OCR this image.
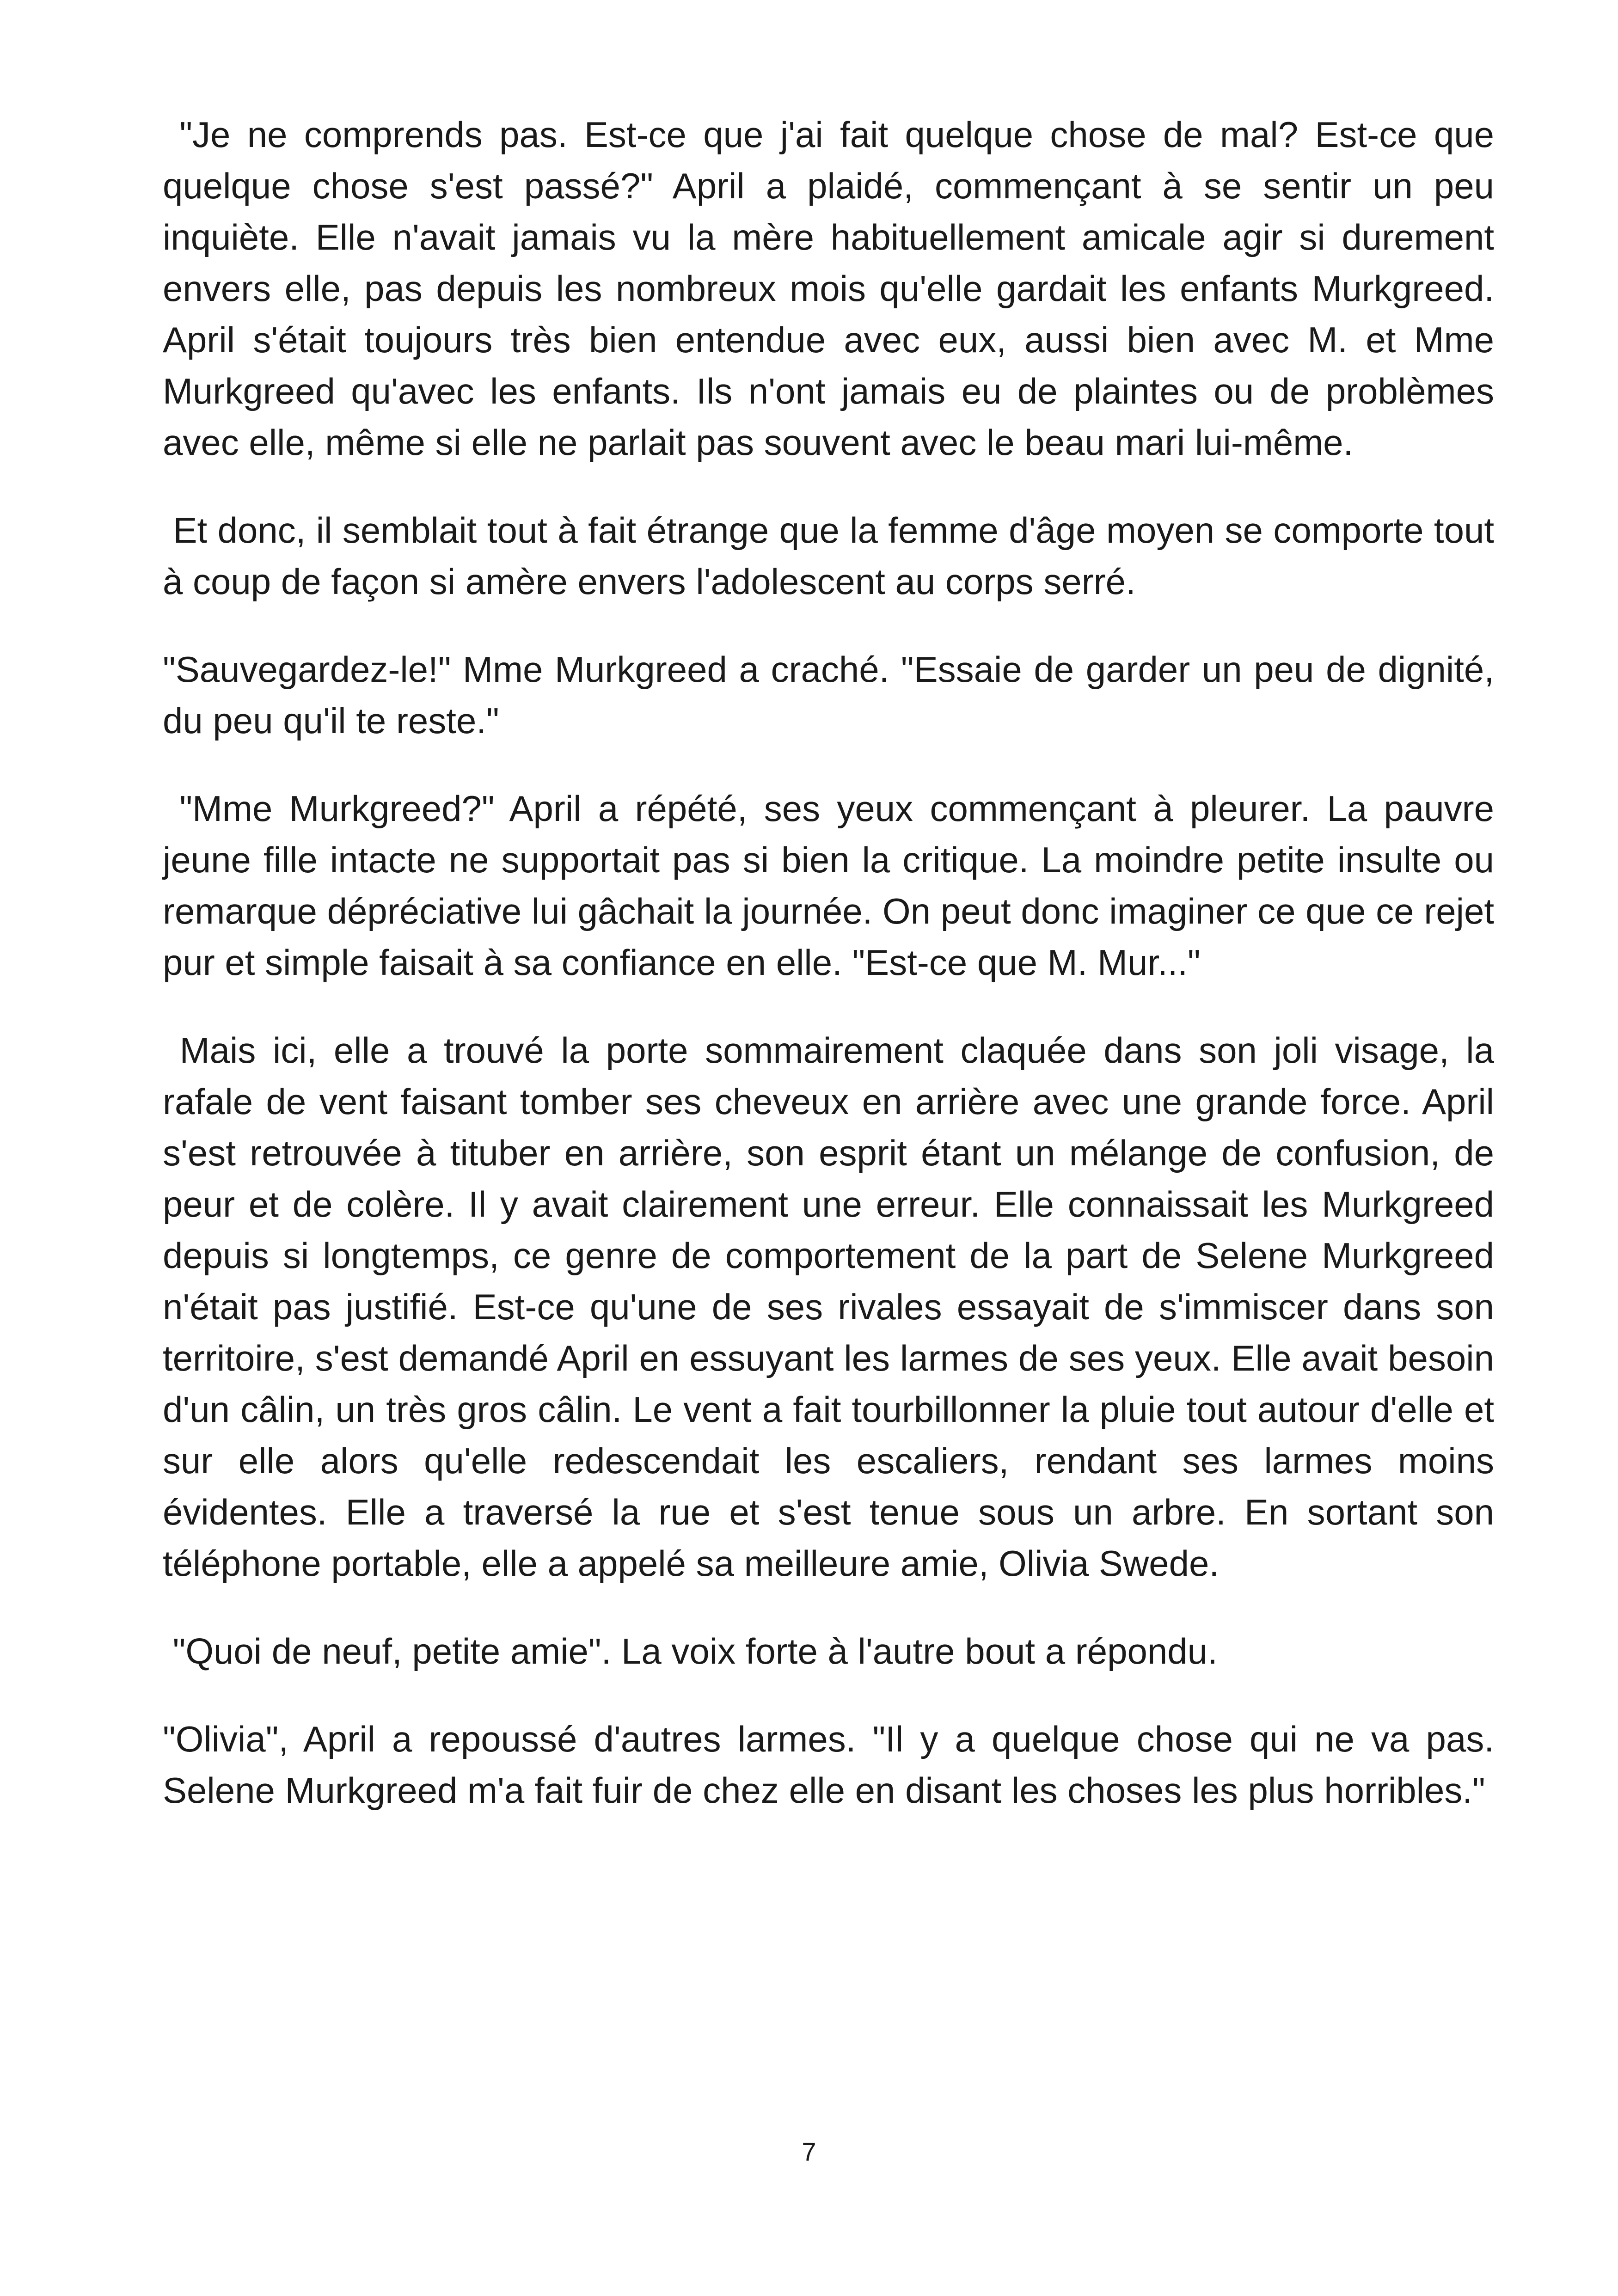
"Je ne comprends pas. Est-ce que j'ai fait quelque chose de mal? Est-ce que quelque chose s'est passé?" April a plaidé, commençant à se sentir un peu inquiète. Elle n'avait jamais vu la mère habituellement amicale agir si durement envers elle, pas depuis les nombreux mois qu'elle gardait les enfants Murkgreed. April s'était toujours très bien entendue avec eux, aussi bien avec M. et Mme Murkgreed qu'avec les enfants. Ils n'ont jamais eu de plaintes ou de problèmes avec elle, même si elle ne parlait pas souvent avec le beau mari lui-même.

Et donc, il semblait tout à fait étrange que la femme d'âge moyen se comporte tout à coup de façon si amère envers l'adolescent au corps serré.

"Sauvegardez-le!" Mme Murkgreed a craché. "Essaie de garder un peu de dignité, du peu qu'il te reste."

"Mme Murkgreed?" April a répété, ses yeux commençant à pleurer. La pauvre jeune fille intacte ne supportait pas si bien la critique. La moindre petite insulte ou remarque dépréciative lui gâchait la journée. On peut donc imaginer ce que ce rejet pur et simple faisait à sa confiance en elle. "Est-ce que M. Mur..."

Mais ici, elle a trouvé la porte sommairement claquée dans son joli visage, la rafale de vent faisant tomber ses cheveux en arrière avec une grande force. April s'est retrouvée à tituber en arrière, son esprit étant un mélange de confusion, de peur et de colère. Il y avait clairement une erreur. Elle connaissait les Murkgreed depuis si longtemps, ce genre de comportement de la part de Selene Murkgreed n'était pas justifié. Est-ce qu'une de ses rivales essayait de s'immiscer dans son territoire, s'est demandé April en essuyant les larmes de ses yeux. Elle avait besoin d'un câlin, un très gros câlin. Le vent a fait tourbillonner la pluie tout autour d'elle et sur elle alors qu'elle redescendait les escaliers, rendant ses larmes moins évidentes. Elle a traversé la rue et s'est tenue sous un arbre. En sortant son téléphone portable, elle a appelé sa meilleure amie, Olivia Swede.

"Quoi de neuf, petite amie". La voix forte à l'autre bout a répondu.

"Olivia", April a repoussé d'autres larmes. "Il y a quelque chose qui ne va pas. Selene Murkgreed m'a fait fuir de chez elle en disant les choses les plus horribles."

7
